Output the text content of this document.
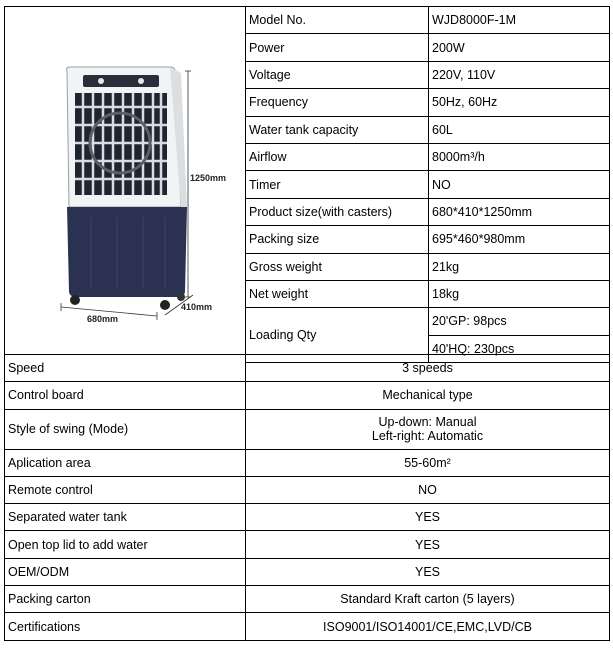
1250mm
680mm
410mm
Model No.	WJD8000F-1M
Power	200W
Voltage	220V, 110V
Frequency	50Hz, 60Hz
Water tank capacity	60L
Airflow	8000m³/h
Timer	NO
Product size(with casters)	680*410*1250mm
Packing size	695*460*980mm
Gross weight	21kg
Net weight	18kg
Loading Qty	20'GP: 98pcs
	40'HQ: 230pcs
Speed	3 speeds
Control board	Mechanical type
Style of swing (Mode)	Up-down: Manual
Left-right: Automatic

Aplication area	55-60m²
Remote control	NO
Separated water tank	YES
Open top lid to add water	YES
OEM/ODM	YES
Packing carton	Standard Kraft carton (5 layers)
Certifications	ISO9001/ISO14001/CE,EMC,LVD/CB
